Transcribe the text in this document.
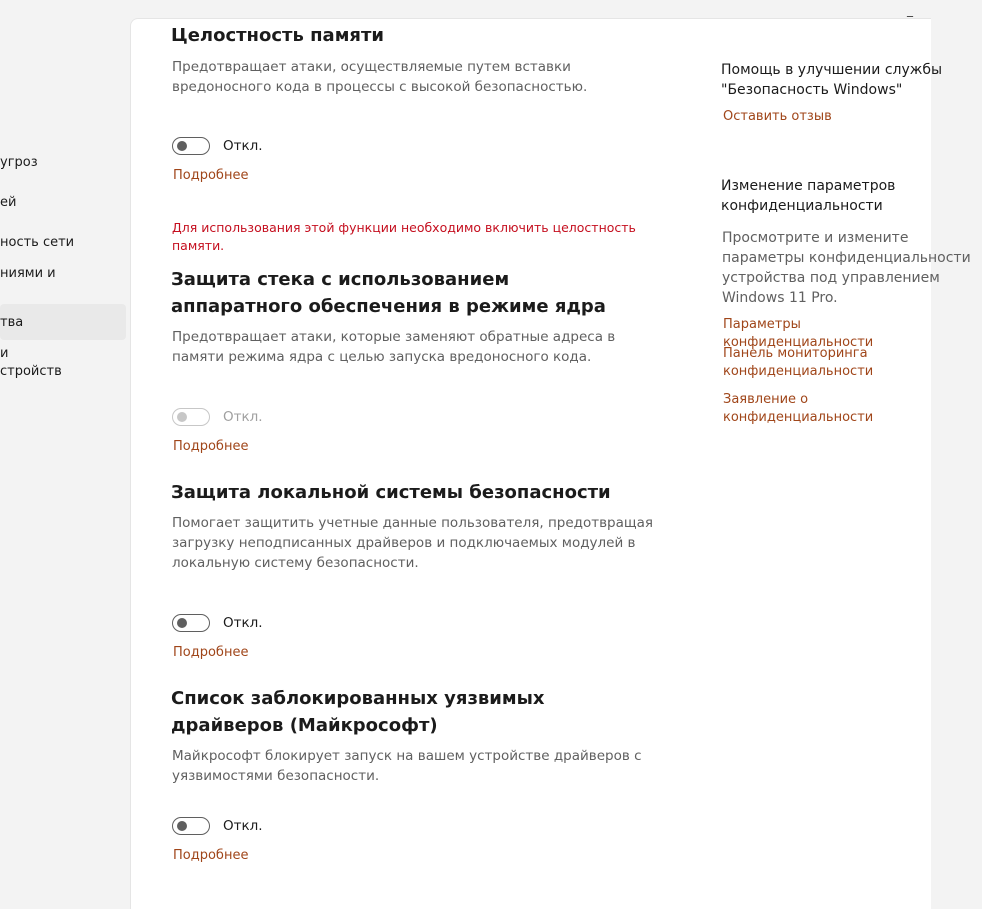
угроз
ей
ность сети
ниями и
тва
и
стройств
_
Целостность памяти
Предотвращает атаки, осуществляемые путем вставки вредоносного кода в процессы с высокой безопасностью.
Откл.
Подробнее
Для использования этой функции необходимо включить целостность памяти.
Защита стека с использованием аппаратного обеспечения в режиме ядра
Предотвращает атаки, которые заменяют обратные адреса в памяти режима ядра с целью запуска вредоносного кода.
Откл.
Подробнее
Защита локальной системы безопасности
Помогает защитить учетные данные пользователя, предотвращая загрузку неподписанных драйверов и подключаемых модулей в локальную систему безопасности.
Откл.
Подробнее
Список заблокированных уязвимых драйверов (Майкрософт)
Майкрософт блокирует запуск на вашем устройстве драйверов с уязвимостями безопасности.
Откл.
Подробнее
Помощь в улучшении службы "Безопасность Windows"
Оставить отзыв
Изменение параметров конфиденциальности
Просмотрите и измените параметры конфиденциальности устройства под управлением Windows 11 Pro.
Параметры конфиденциальности
Панель мониторинга конфиденциальности
Заявление о конфиденциальности
